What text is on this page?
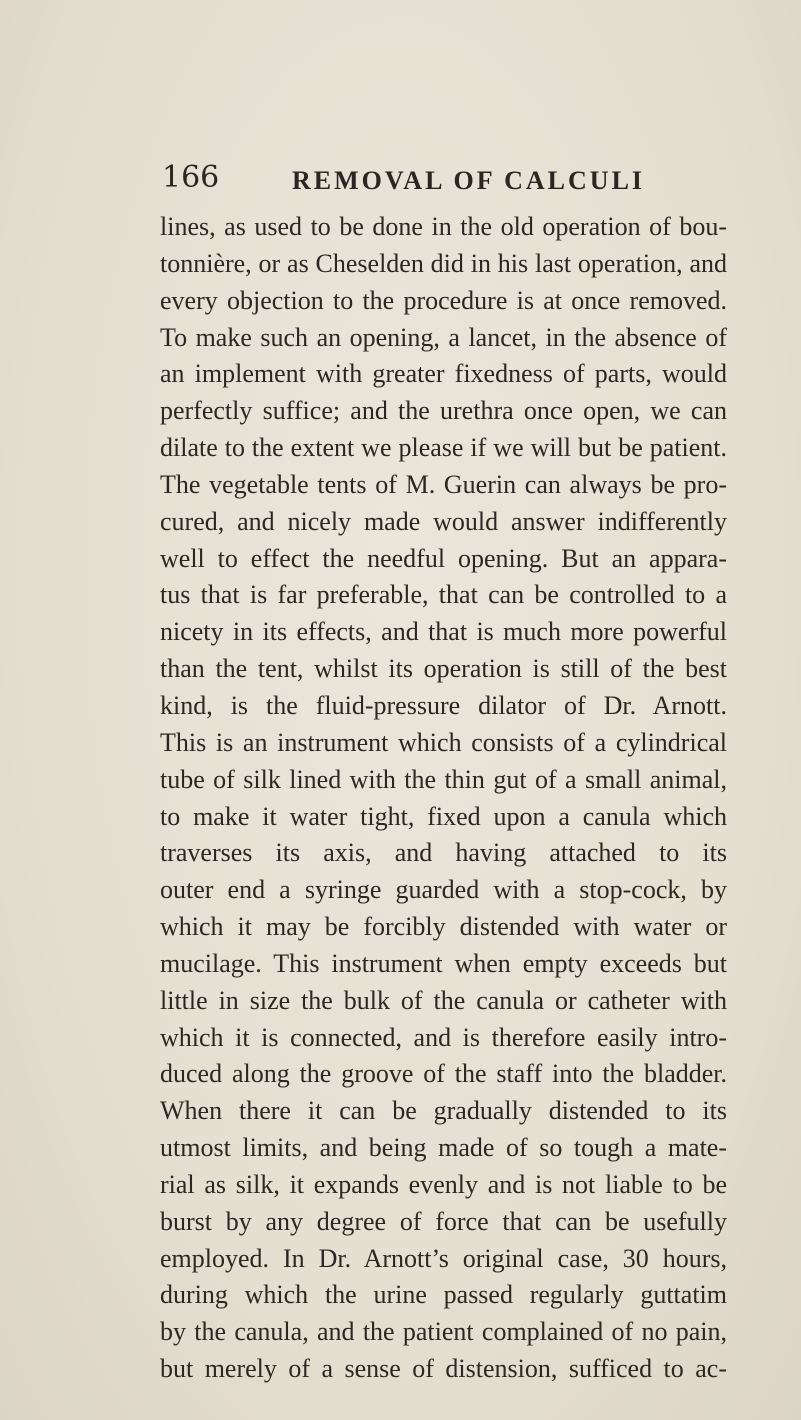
166	REMOVAL OF CALCULI
lines, as used to be done in the old operation of bou-
tonnière, or as Cheselden did in his last operation, and
every objection to the procedure is at once removed.
To make such an opening, a lancet, in the absence of
an implement with greater fixedness of parts, would
perfectly suffice; and the urethra once open, we can
dilate to the extent we please if we will but be patient.
The vegetable tents of M. Guerin can always be pro-
cured, and nicely made would answer indifferently
well to effect the needful opening. But an appara-
tus that is far preferable, that can be controlled to a
nicety in its effects, and that is much more powerful
than the tent, whilst its operation is still of the best
kind, is the fluid-pressure dilator of Dr. Arnott.
This is an instrument which consists of a cylindrical
tube of silk lined with the thin gut of a small animal,
to make it water tight, fixed upon a canula which
traverses its axis, and having attached to its
outer end a syringe guarded with a stop-cock, by
which it may be forcibly distended with water or
mucilage. This instrument when empty exceeds but
little in size the bulk of the canula or catheter with
which it is connected, and is therefore easily intro-
duced along the groove of the staff into the bladder.
When there it can be gradually distended to its
utmost limits, and being made of so tough a mate-
rial as silk, it expands evenly and is not liable to be
burst by any degree of force that can be usefully
employed. In Dr. Arnott’s original case, 30 hours,
during which the urine passed regularly guttatim
by the canula, and the patient complained of no pain,
but merely of a sense of distension, sufficed to ac-
